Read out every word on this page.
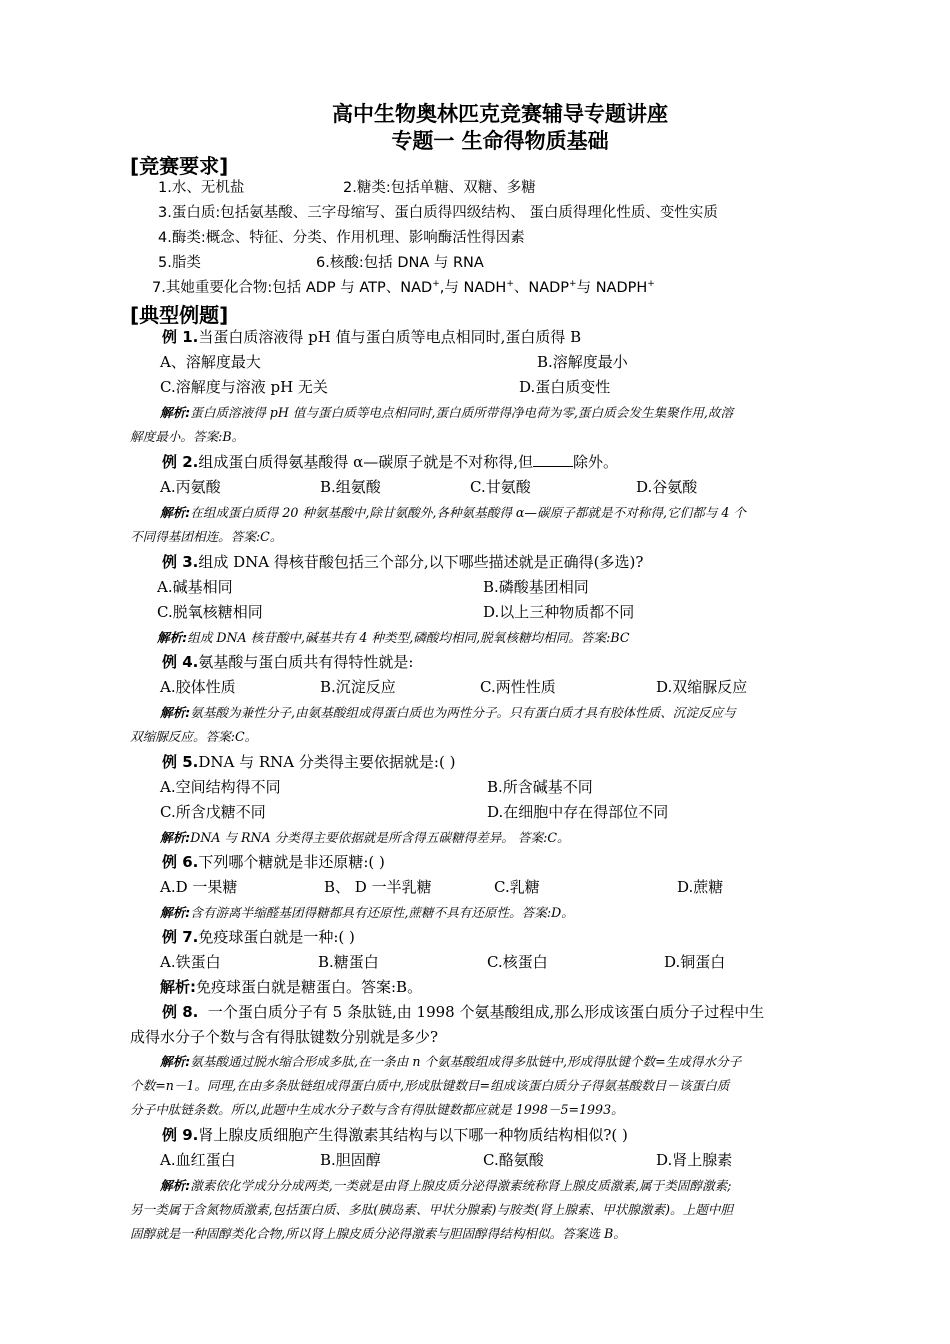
高中生物奥林匹克竞赛辅导专题讲座
专题一 生命得物质基础
[竞赛要求]
1.水、无机盐	2.糖类:包括单糖、双糖、多糖
3.蛋白质:包括氨基酸、三字母缩写、蛋白质得四级结构、 蛋白质得理化性质、变性实质
4.酶类:概念、特征、分类、作用机理、影响酶活性得因素
5.脂类	6.核酸:包括 DNA 与 RNA
7.其她重要化合物:包括 ADP 与 ATP、NAD+,与 NADH+、NADP+与 NADPH+
[典型例题]
例 1.当蛋白质溶液得 pH 值与蛋白质等电点相同时,蛋白质得 B
A、溶解度最大	B.溶解度最小
C.溶解度与溶液 pH 无关	D.蛋白质变性
解析:蛋白质溶液得 pH 值与蛋白质等电点相同时,蛋白质所带得净电荷为零,蛋白质会发生集聚作用,故溶
解度最小。答案:B。
例 2.组成蛋白质得氨基酸得 α—碳原子就是不对称得,但	除外。
A.丙氨酸	B.组氨酸	C.甘氨酸	D.谷氨酸
解析:在组成蛋白质得 20 种氨基酸中,除甘氨酸外,各种氨基酸得 α—碳原子都就是不对称得,它们都与 4 个
不同得基团相连。答案:C。
例 3.组成 DNA 得核苷酸包括三个部分,以下哪些描述就是正确得(多选)?
A.碱基相同	B.磷酸基团相同
C.脱氧核糖相同	D.以上三种物质都不同
解析:组成 DNA 核苷酸中,碱基共有 4 种类型,磷酸均相同,脱氧核糖均相同。答案:BC
例 4.氨基酸与蛋白质共有得特性就是:
A.胶体性质	B.沉淀反应	C.两性性质	D.双缩脲反应
解析:氨基酸为兼性分子,由氨基酸组成得蛋白质也为两性分子。只有蛋白质才具有胶体性质、沉淀反应与
双缩脲反应。答案:C。
例 5.DNA 与 RNA 分类得主要依据就是:( )
A.空间结构得不同	B.所含碱基不同
C.所含戊糖不同	D.在细胞中存在得部位不同
解析:DNA 与 RNA 分类得主要依据就是所含得五碳糖得差异。 答案:C。
例 6.下列哪个糖就是非还原糖:( )
A.D 一果糖	B、 D 一半乳糖	C.乳糖	D.蔗糖
解析:含有游离半缩醛基团得糖都具有还原性,蔗糖不具有还原性。答案:D。
例 7.免疫球蛋白就是一种:( )
A.铁蛋白	B.糖蛋白	C.核蛋白	D.铜蛋白
解析:免疫球蛋白就是糖蛋白。答案:B。
例 8. 一个蛋白质分子有 5 条肽链,由 1998 个氨基酸组成,那么形成该蛋白质分子过程中生
成得水分子个数与含有得肽键数分别就是多少?
解析:氨基酸通过脱水缩合形成多肽,在一条由 n 个氨基酸组成得多肽链中,形成得肽键个数=生成得水分子
个数=n－1。同理,在由多条肽链组成得蛋白质中,形成肽键数目=组成该蛋白质分子得氨基酸数目－该蛋白质
分子中肽链条数。所以,此题中生成水分子数与含有得肽键数都应就是 1998－5=1993。
例 9.肾上腺皮质细胞产生得激素其结构与以下哪一种物质结构相似?( )
A.血红蛋白	B.胆固醇	C.酪氨酸	D.肾上腺素
解析:激素依化学成分分成两类,一类就是由肾上腺皮质分泌得激素统称肾上腺皮质激素,属于类固醇激素;
另一类属于含氮物质激素,包括蛋白质、多肽(胰岛素、甲状分腺素)与胺类(肾上腺素、甲状腺激素)。上题中胆
固醇就是一种固醇类化合物,所以肾上腺皮质分泌得激素与胆固醇得结构相似。答案选 B。
